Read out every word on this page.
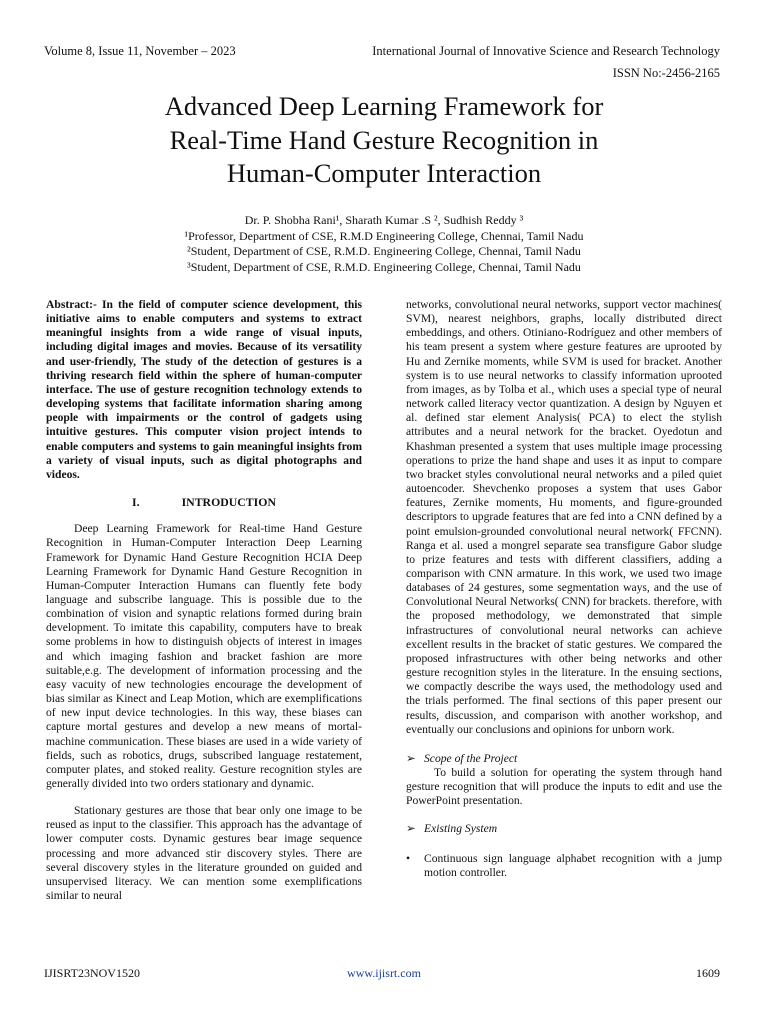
Volume 8, Issue 11, November – 2023	International Journal of Innovative Science and Research Technology
ISSN No:-2456-2165
Advanced Deep Learning Framework for
Real-Time Hand Gesture Recognition in
Human-Computer Interaction
Dr. P. Shobha Rani¹, Sharath Kumar .S ², Sudhish Reddy ³
¹Professor, Department of CSE, R.M.D Engineering College, Chennai, Tamil Nadu
²Student, Department of CSE, R.M.D. Engineering College, Chennai, Tamil Nadu
³Student, Department of CSE, R.M.D. Engineering College, Chennai, Tamil Nadu

Abstract:- In the field of computer science development, this initiative aims to enable computers and systems to extract meaningful insights from a wide range of visual inputs, including digital images and movies. Because of its versatility and user-friendly, The study of the detection of gestures is a thriving research field within the sphere of human-computer interface. The use of gesture recognition technology extends to developing systems that facilitate information sharing among people with impairments or the control of gadgets using intuitive gestures. This computer vision project intends to enable computers and systems to gain meaningful insights from a variety of visual inputs, such as digital photographs and videos.

I.	INTRODUCTION

Deep Learning Framework for Real-time Hand Gesture Recognition in Human-Computer Interaction Deep Learning Framework for Dynamic Hand Gesture Recognition HCIA Deep Learning Framework for Dynamic Hand Gesture Recognition in Human-Computer Interaction Humans can fluently fete body language and subscribe language. This is possible due to the combination of vision and synaptic relations formed during brain development. To imitate this capability, computers have to break some problems in how to distinguish objects of interest in images and which imaging fashion and bracket fashion are more suitable,e.g. The development of information processing and the easy vacuity of new technologies encourage the development of bias similar as Kinect and Leap Motion, which are exemplifications of new input device technologies. In this way, these biases can capture mortal gestures and develop a new means of mortal-machine communication. These biases are used in a wide variety of fields, such as robotics, drugs, subscribed language restatement, computer plates, and stoked reality. Gesture recognition styles are generally divided into two orders stationary and dynamic.

Stationary gestures are those that bear only one image to be reused as input to the classifier. This approach has the advantage of lower computer costs. Dynamic gestures bear image sequence processing and more advanced stir discovery styles. There are several discovery styles in the literature grounded on guided and unsupervised literacy. We can mention some exemplifications similar to neural

networks, convolutional neural networks, support vector machines( SVM), nearest neighbors, graphs, locally distributed direct embeddings, and others. Otiniano-Rodríguez and other members of his team present a system where gesture features are uprooted by Hu and Zernike moments, while SVM is used for bracket. Another system is to use neural networks to classify information uprooted from images, as by Tolba et al., which uses a special type of neural network called literacy vector quantization. A design by Nguyen et al. defined star element Analysis( PCA) to elect the stylish attributes and a neural network for the bracket. Oyedotun and Khashman presented a system that uses multiple image processing operations to prize the hand shape and uses it as input to compare two bracket styles convolutional neural networks and a piled quiet autoencoder. Shevchenko proposes a system that uses Gabor features, Zernike moments, Hu moments, and figure-grounded descriptors to upgrade features that are fed into a CNN defined by a point emulsion-grounded convolutional neural network( FFCNN). Ranga et al. used a mongrel separate sea transfigure Gabor sludge to prize features and tests with different classifiers, adding a comparison with CNN armature. In this work, we used two image databases of 24 gestures, some segmentation ways, and the use of Convolutional Neural Networks( CNN) for brackets. therefore, with the proposed methodology, we demonstrated that simple infrastructures of convolutional neural networks can achieve excellent results in the bracket of static gestures. We compared the proposed infrastructures with other being networks and other gesture recognition styles in the literature. In the ensuing sections, we compactly describe the ways used, the methodology used and the trials performed. The final sections of this paper present our results, discussion, and comparison with another workshop, and eventually our conclusions and opinions for unborn work.

➢ Scope of the Project

To build a solution for operating the system through hand gesture recognition that will produce the inputs to edit and use the PowerPoint presentation.

➢ Existing System
•	Continuous sign language alphabet recognition with a jump motion controller.
IJISRT23NOV1520	www.ijisrt.com	1609
